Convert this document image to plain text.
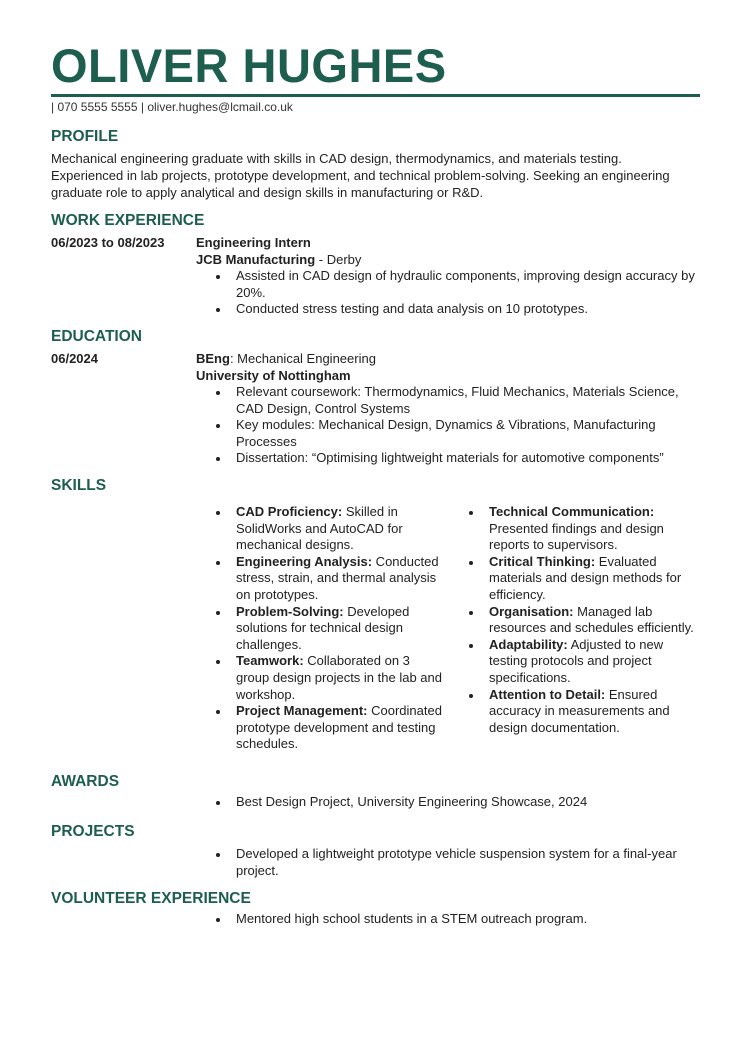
OLIVER HUGHES
| 070 5555 5555 | oliver.hughes@lcmail.co.uk
PROFILE
Mechanical engineering graduate with skills in CAD design, thermodynamics, and materials testing. Experienced in lab projects, prototype development, and technical problem-solving. Seeking an engineering graduate role to apply analytical and design skills in manufacturing or R&D.
WORK EXPERIENCE
06/2023 to 08/2023 Engineering Intern
JCB Manufacturing - Derby
Assisted in CAD design of hydraulic components, improving design accuracy by 20%.
Conducted stress testing and data analysis on 10 prototypes.
EDUCATION
06/2024	BEng: Mechanical Engineering
University of Nottingham
Relevant coursework: Thermodynamics, Fluid Mechanics, Materials Science, CAD Design, Control Systems
Key modules: Mechanical Design, Dynamics & Vibrations, Manufacturing Processes
Dissertation: “Optimising lightweight materials for automotive components”
SKILLS
CAD Proficiency: Skilled in SolidWorks and AutoCAD for mechanical designs.
Engineering Analysis: Conducted stress, strain, and thermal analysis on prototypes.
Problem-Solving: Developed solutions for technical design challenges.
Teamwork: Collaborated on 3 group design projects in the lab and workshop.
Project Management: Coordinated prototype development and testing schedules.
Technical Communication: Presented findings and design reports to supervisors.
Critical Thinking: Evaluated materials and design methods for efficiency.
Organisation: Managed lab resources and schedules efficiently.
Adaptability: Adjusted to new testing protocols and project specifications.
Attention to Detail: Ensured accuracy in measurements and design documentation.
AWARDS
Best Design Project, University Engineering Showcase, 2024
PROJECTS
Developed a lightweight prototype vehicle suspension system for a final-year project.
VOLUNTEER EXPERIENCE
Mentored high school students in a STEM outreach program.
